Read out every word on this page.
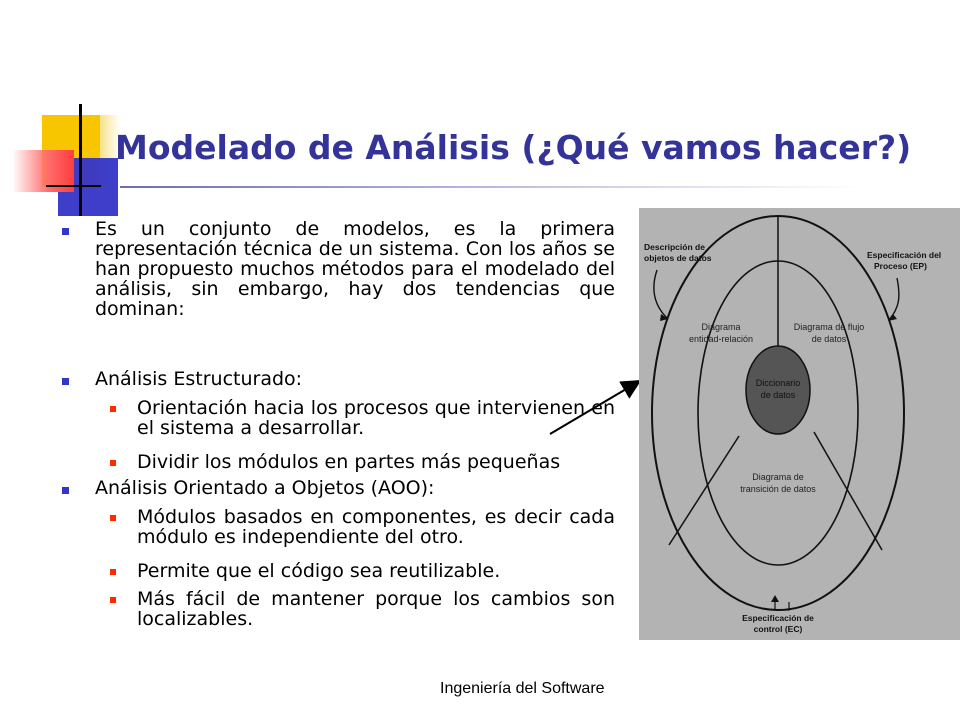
Modelado de Análisis (¿Qué vamos hacer?)
Es un conjunto de modelos, es la primera representación técnica de un sistema. Con los años se han propuesto muchos métodos para el modelado del análisis, sin embargo, hay dos tendencias que dominan:
Análisis Estructurado:
Orientación hacia los procesos que intervienen en el sistema a desarrollar.
Dividir los módulos en partes más pequeñas
Análisis Orientado a Objetos (AOO):
Módulos basados en componentes, es decir cada módulo es independiente del otro.
Permite que el código sea reutilizable.
Más fácil de mantener porque los cambios son localizables.
Descripción de
objetos de datos	Especificación del
Proceso (EP)
Diagrama
entidad-relación
Diagrama de flujo
de datos
Diccionario
de datos
Diagrama de
transición de datos
Especificación de
control (EC)
Ingeniería del Software
